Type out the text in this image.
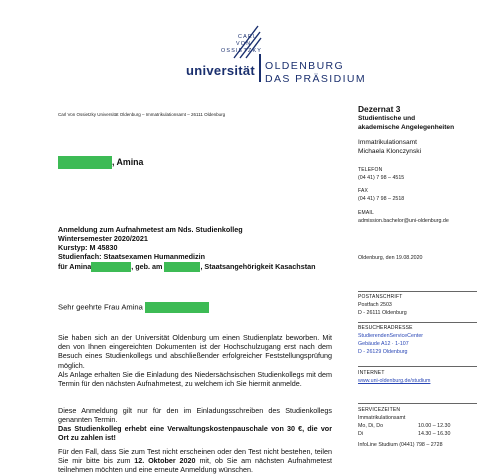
CARL
VON
OSSIETZKY
universität OLDENBURG
DAS PRÄSIDIUM
Carl Von Ossietzky Universität Oldenburg – Immatrikulationsamt – 26111 Oldenburg
, Amina
Anmeldung zum Aufnahmetest am Nds. Studienkolleg
Wintersemester 2020/2021
Kurstyp: M 45830
Studienfach: Staatsexamen Humanmedizin
für Amina	, geb. am	, Staatsangehörigkeit Kasachstan
Sehr geehrte Frau Amina
Sie haben sich an der Universität Oldenburg um einen Studienplatz beworben. Mit den von Ihnen eingereichten Dokumenten ist der Hochschulzugang erst nach dem Besuch eines Studienkollegs und abschließender erfolgreicher Feststellungsprüfung möglich.
Als Anlage erhalten Sie die Einladung des Niedersächsischen Studienkollegs mit dem Termin für den nächsten Aufnahmetest, zu welchem ich Sie hiermit anmelde.
Diese Anmeldung gilt nur für den im Einladungsschreiben des Studienkollegs genannten Termin.
Das Studienkolleg erhebt eine Verwaltungskostenpauschale von 30 €, die vor Ort zu zahlen ist!
Für den Fall, dass Sie zum Test nicht erscheinen oder den Test nicht bestehen, teilen Sie mir bitte bis zum 12. Oktober 2020 mit, ob Sie am nächsten Aufnahmetest teilnehmen möchten und eine erneute Anmeldung wünschen.
Dezernat 3
Studientische und
akademische Angelegenheiten
Immatrikulationsamt
Michaela Klonczynski
TELEFON
(04 41) 7 98 – 4515
FAX
(04 41) 7 98 – 2518
EMAIL
admission.bachelor@uni-oldenburg.de
Oldenburg, den 19.08.2020
POSTANSCHRIFT
Postfach 2503
D - 26111 Oldenburg
BESUCHERADRESSE
StudierendenServiceCenter
Gebäude A12 · 1-107
D - 26129 Oldenburg
INTERNET
www.uni-oldenburg.de/studium
SERVICEZEITEN
Immatrikulationsamt
Mo, Di, Do	10.00 – 12.30
Di	14.30 – 16.30
InfoLine Studium (0441) 798 – 2728
